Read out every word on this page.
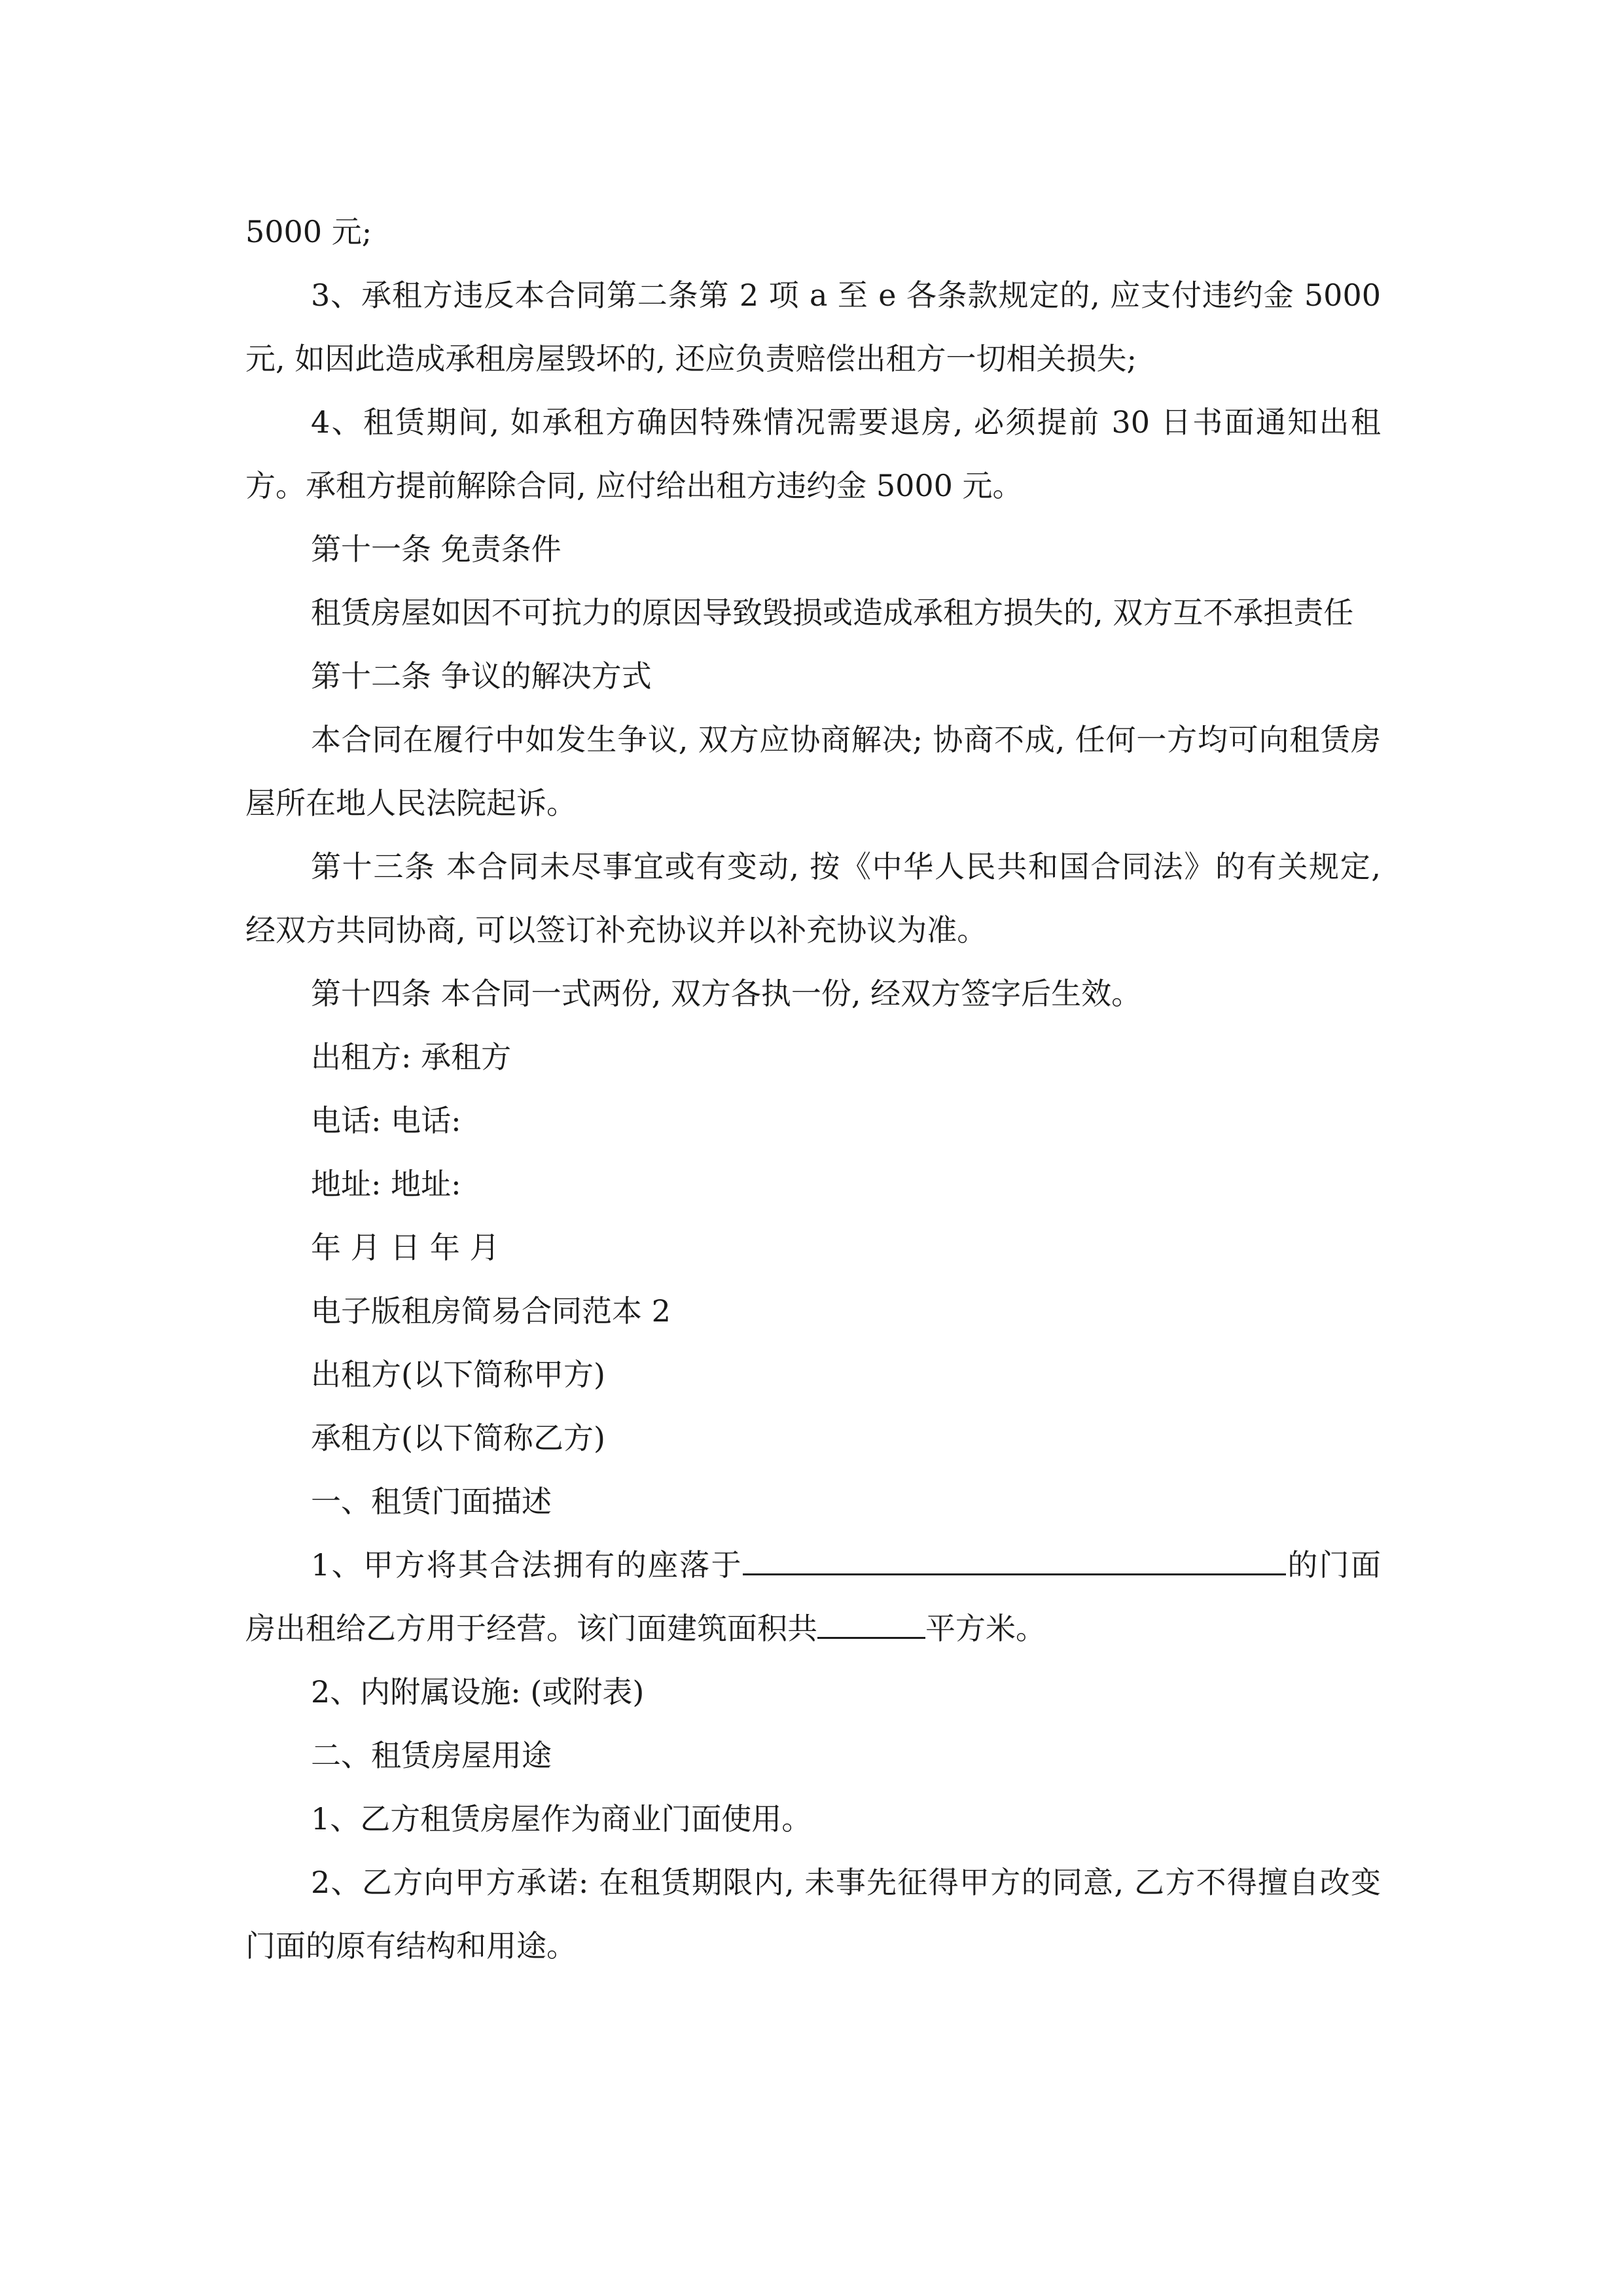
5000 元;

3、承租方违反本合同第二条第 2 项 a 至 e 各条款规定的, 应支付违约金 5000 元, 如因此造成承租房屋毁坏的, 还应负责赔偿出租方一切相关损失;

4、租赁期间, 如承租方确因特殊情况需要退房, 必须提前 30 日书面通知出租方。承租方提前解除合同, 应付给出租方违约金 5000 元。

第十一条 免责条件

租赁房屋如因不可抗力的原因导致毁损或造成承租方损失的, 双方互不承担责任

第十二条 争议的解决方式

本合同在履行中如发生争议, 双方应协商解决; 协商不成, 任何一方均可向租赁房屋所在地人民法院起诉。

第十三条 本合同未尽事宜或有变动, 按《中华人民共和国合同法》的有关规定, 经双方共同协商, 可以签订补充协议并以补充协议为准。

第十四条 本合同一式两份, 双方各执一份, 经双方签字后生效。

出租方: 承租方

电话: 电话:

地址: 地址:

年 月 日 年 月

电子版租房简易合同范本 2

出租方(以下简称甲方)

承租方(以下简称乙方)

一、租赁门面描述

1、甲方将其合法拥有的座落于	的门面房出租给乙方用于经营。该门面建筑面积共	平方米。

2、内附属设施: (或附表)

二、租赁房屋用途

1、乙方租赁房屋作为商业门面使用。

2、乙方向甲方承诺: 在租赁期限内, 未事先征得甲方的同意, 乙方不得擅自改变门面的原有结构和用途。
